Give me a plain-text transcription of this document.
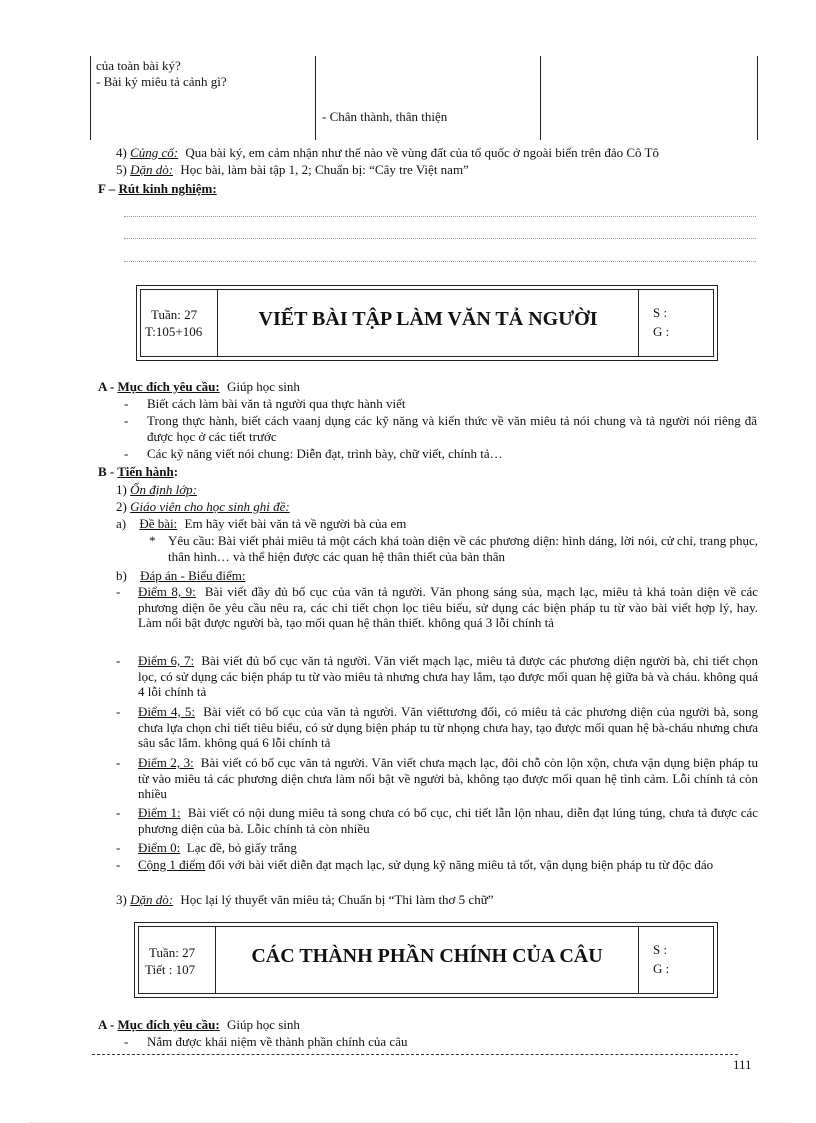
của toàn bài ký?
- Bài ký miêu tả cảnh gì?
- Chân thành, thân thiện
4) Củng cố: Qua bài ký, em cảm nhận như thế nào về vùng đất của tổ quốc ở ngoài biển trên đảo Cô Tô
5) Dặn dò: Học bài, làm bài tập 1, 2; Chuẩn bị: “Cây tre Việt nam”
F – Rút kinh nghiệm:
Tuần: 27
T:105+106
VIẾT BÀI TẬP LÀM VĂN TẢ NGƯỜI	S :
G :
A - Mục đích yêu cầu: Giúp học sinh
- Biết cách làm bài văn tả người qua thực hành viết
- Trong thực hành, biết cách vaanj dụng các kỹ năng và kiến thức về văn miêu tả nói chung và tả người nói riêng đã được học ở các tiết trước
- Các kỹ năng viết nói chung: Diễn đạt, trình bày, chữ viết, chính tả…
B - Tiến hành:
1) Ổn định lớp:
2) Giáo viên cho học sinh ghi đề:
a) Đề bài: Em hãy viết bài văn tả về người bà của em
* Yêu cầu: Bài viết phải miêu tả một cách khá toàn diện về các phương diện: hình dáng, lời nói, cử chỉ, trang phục, thân hình… và thể hiện được các quan hệ thân thiết của bản thân
b) Đáp án - Biểu điểm:
- Điểm 8, 9: Bài viết đầy đủ bố cục của văn tả người. Văn phong sáng sủa, mạch lạc, miêu tả khá toàn diện về các phương diện õe yêu cầu nêu ra, các chi tiết chọn lọc tiêu biểu, sử dụng các biện pháp tu từ vào bài viết hợp lý, hay. Làm nổi bật được người bà, tạo mối quan hệ thân thiết. không quá 3 lỗi chính tả
- Điểm 6, 7: Bài viết đủ bố cục văn tả người. Văn viết mạch lạc, miêu tả được các phương diện người bà, chi tiết chọn lọc, có sử dụng các biện pháp tu từ vào miêu tả nhưng chưa hay lắm, tạo được mối quan hệ giữa bà và cháu. không quá 4 lỗi chính tả
- Điểm 4, 5: Bài viết có bố cục của văn tả người. Văn viếttương đối, có miêu tả các phương diện của người bà, song chưa lựa chọn chi tiết tiêu biểu, có sử dụng biện pháp tu từ nhọng chưa hay, tạo được mối quan hệ bà-cháu nhưng chưa sâu sắc lắm. không quá 6 lỗi chính tả
- Điểm 2, 3: Bài viết có bố cục văn tả người. Văn viết chưa mạch lạc, đôi chỗ còn lộn xộn, chưa vận dụng biện pháp tu từ vào miêu tả các phương diện chưa làm nổi bật về người bà, không tạo được mối quan hệ tình cảm. Lỗi chính tả còn nhiều
- Điểm 1: Bài viết có nội dung miêu tả song chưa có bố cục, chi tiết lẫn lộn nhau, diễn đạt lúng túng, chưa tả được các phương diện của bà. Lỗic chính tả còn nhiều
- Điểm 0: Lạc đề, bỏ giấy trắng
- Cộng 1 điểm đối với bài viết diễn đạt mạch lạc, sử dụng kỹ năng miêu tả tốt, vận dụng biện pháp tu từ độc đáo
3) Dặn dò: Học lại lý thuyết văn miêu tả; Chuẩn bị “Thi làm thơ 5 chữ”
Tuần: 27
Tiết : 107
CÁC THÀNH PHẦN CHÍNH CỦA CÂU	S :
G :
A - Mục đích yêu cầu: Giúp học sinh
- Nắm được khái niệm về thành phần chính của câu
111
